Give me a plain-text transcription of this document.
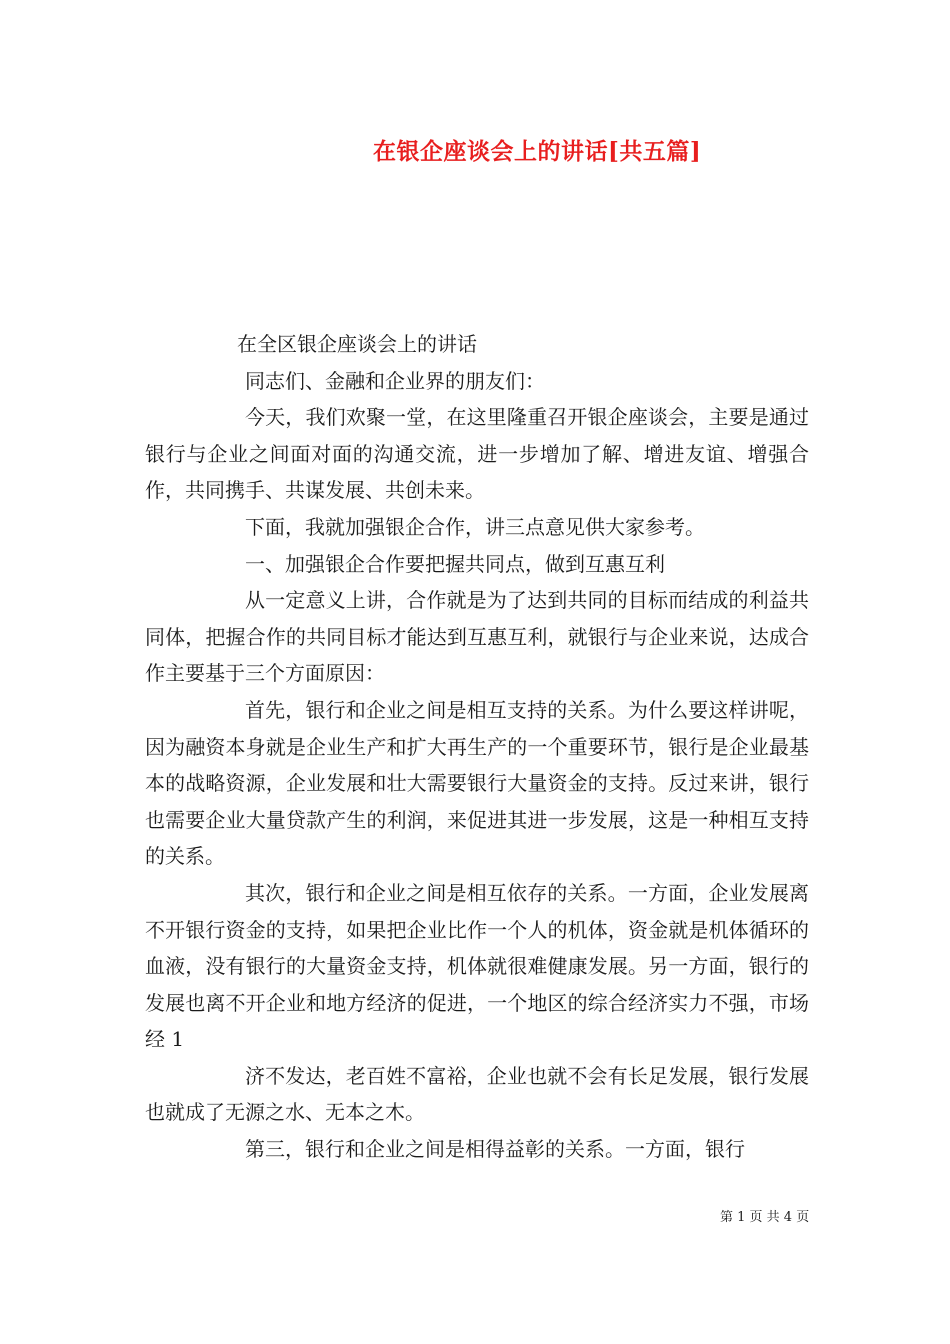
在银企座谈会上的讲话[共五篇]

在全区银企座谈会上的讲话

同志们、金融和企业界的朋友们：

今天，我们欢聚一堂，在这里隆重召开银企座谈会，主要是通过银行与企业之间面对面的沟通交流，进一步增加了解、增进友谊、增强合作，共同携手、共谋发展、共创未来。

下面，我就加强银企合作，讲三点意见供大家参考。

一、加强银企合作要把握共同点，做到互惠互利

从一定意义上讲，合作就是为了达到共同的目标而结成的利益共同体，把握合作的共同目标才能达到互惠互利，就银行与企业来说，达成合作主要基于三个方面原因：

首先，银行和企业之间是相互支持的关系。为什么要这样讲呢，因为融资本身就是企业生产和扩大再生产的一个重要环节，银行是企业最基本的战略资源，企业发展和壮大需要银行大量资金的支持。反过来讲，银行也需要企业大量贷款产生的利润，来促进其进一步发展，这是一种相互支持的关系。

其次，银行和企业之间是相互依存的关系。一方面，企业发展离不开银行资金的支持，如果把企业比作一个人的机体，资金就是机体循环的血液，没有银行的大量资金支持，机体就很难健康发展。另一方面，银行的发展也离不开企业和地方经济的促进，一个地区的综合经济实力不强，市场经 1

济不发达，老百姓不富裕，企业也就不会有长足发展，银行发展也就成了无源之水、无本之木。

第三，银行和企业之间是相得益彰的关系。一方面，银行

第 1 页 共 4 页
